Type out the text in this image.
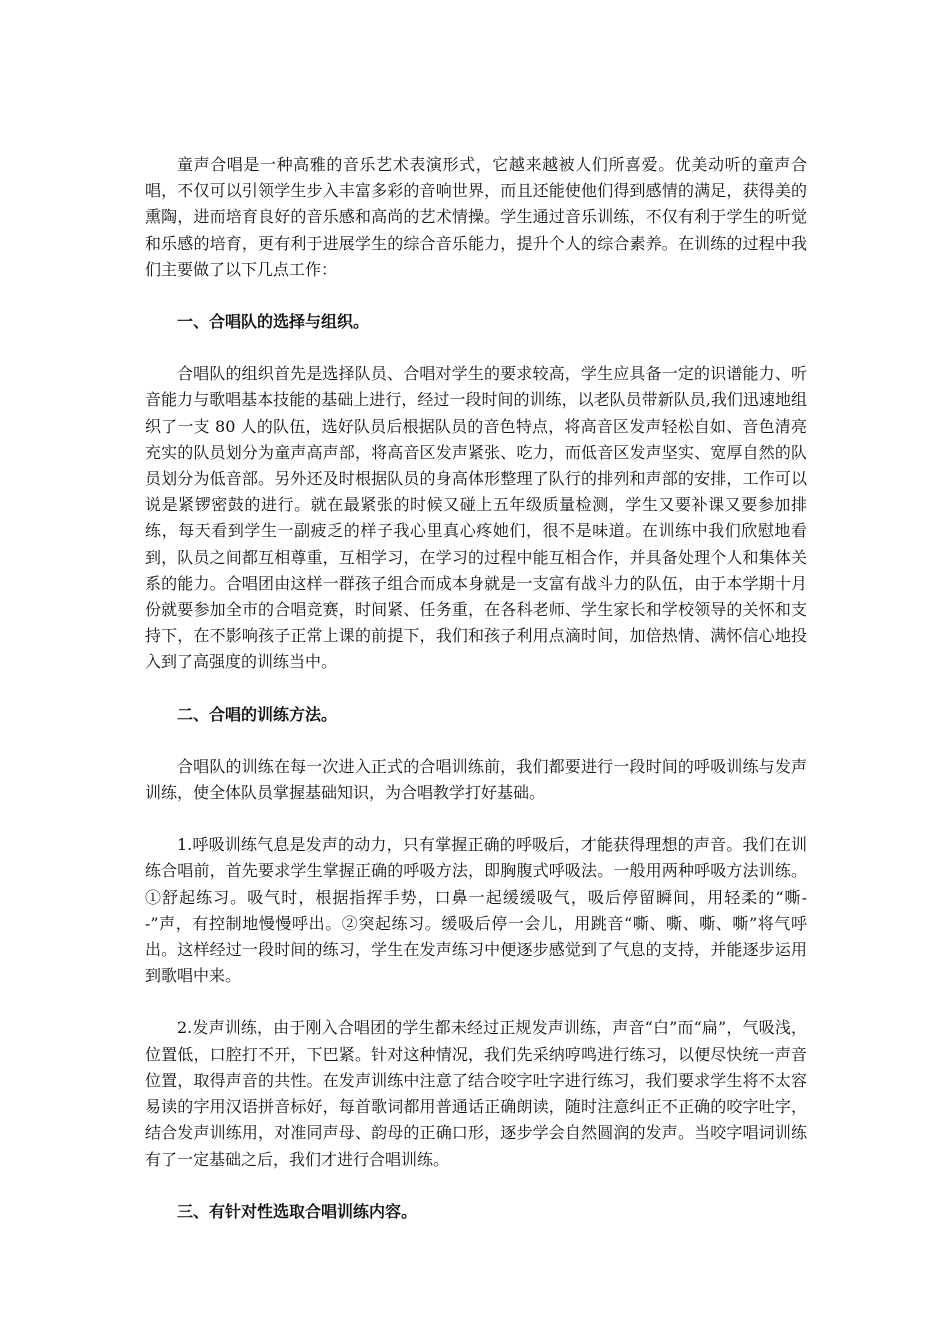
童声合唱是一种高雅的音乐艺术表演形式，它越来越被人们所喜爱。优美动听的童声合唱，不仅可以引领学生步入丰富多彩的音响世界，而且还能使他们得到感情的满足，获得美的熏陶，进而培育良好的音乐感和高尚的艺术情操。学生通过音乐训练，不仅有利于学生的听觉和乐感的培育，更有利于进展学生的综合音乐能力，提升个人的综合素养。在训练的过程中我们主要做了以下几点工作：

一、合唱队的选择与组织。

合唱队的组织首先是选择队员、合唱对学生的要求较高，学生应具备一定的识谱能力、听音能力与歌唱基本技能的基础上进行，经过一段时间的训练，以老队员带新队员,我们迅速地组织了一支 80 人的队伍，选好队员后根据队员的音色特点，将高音区发声轻松自如、音色清亮充实的队员划分为童声高声部，将高音区发声紧张、吃力，而低音区发声坚实、宽厚自然的队员划分为低音部。另外还及时根据队员的身高体形整理了队行的排列和声部的安排，工作可以说是紧锣密鼓的进行。就在最紧张的时候又碰上五年级质量检测，学生又要补课又要参加排练，每天看到学生一副疲乏的样子我心里真心疼她们，很不是味道。在训练中我们欣慰地看到，队员之间都互相尊重，互相学习，在学习的过程中能互相合作，并具备处理个人和集体关系的能力。合唱团由这样一群孩子组合而成本身就是一支富有战斗力的队伍，由于本学期十月份就要参加全市的合唱竞赛，时间紧、任务重，在各科老师、学生家长和学校领导的关怀和支持下，在不影响孩子正常上课的前提下，我们和孩子利用点滴时间，加倍热情、满怀信心地投入到了高强度的训练当中。

二、合唱的训练方法。

合唱队的训练在每一次进入正式的合唱训练前，我们都要进行一段时间的呼吸训练与发声训练，使全体队员掌握基础知识，为合唱教学打好基础。

1.呼吸训练气息是发声的动力，只有掌握正确的呼吸后，才能获得理想的声音。我们在训练合唱前，首先要求学生掌握正确的呼吸方法，即胸腹式呼吸法。一般用两种呼吸方法训练。①舒起练习。吸气时，根据指挥手势，口鼻一起缓缓吸气，吸后停留瞬间，用轻柔的“嘶--”声，有控制地慢慢呼出。②突起练习。缓吸后停一会儿，用跳音“嘶、嘶、嘶、嘶”将气呼出。这样经过一段时间的练习，学生在发声练习中便逐步感觉到了气息的支持，并能逐步运用到歌唱中来。

2.发声训练，由于刚入合唱团的学生都未经过正规发声训练，声音“白”而“扁”，气吸浅，位置低，口腔打不开，下巴紧。针对这种情况，我们先采纳哼鸣进行练习，以便尽快统一声音位置，取得声音的共性。在发声训练中注意了结合咬字吐字进行练习，我们要求学生将不太容易读的字用汉语拼音标好，每首歌词都用普通话正确朗读，随时注意纠正不正确的咬字吐字，结合发声训练用，对准同声母、韵母的正确口形，逐步学会自然圆润的发声。当咬字唱词训练有了一定基础之后，我们才进行合唱训练。

三、有针对性选取合唱训练内容。
